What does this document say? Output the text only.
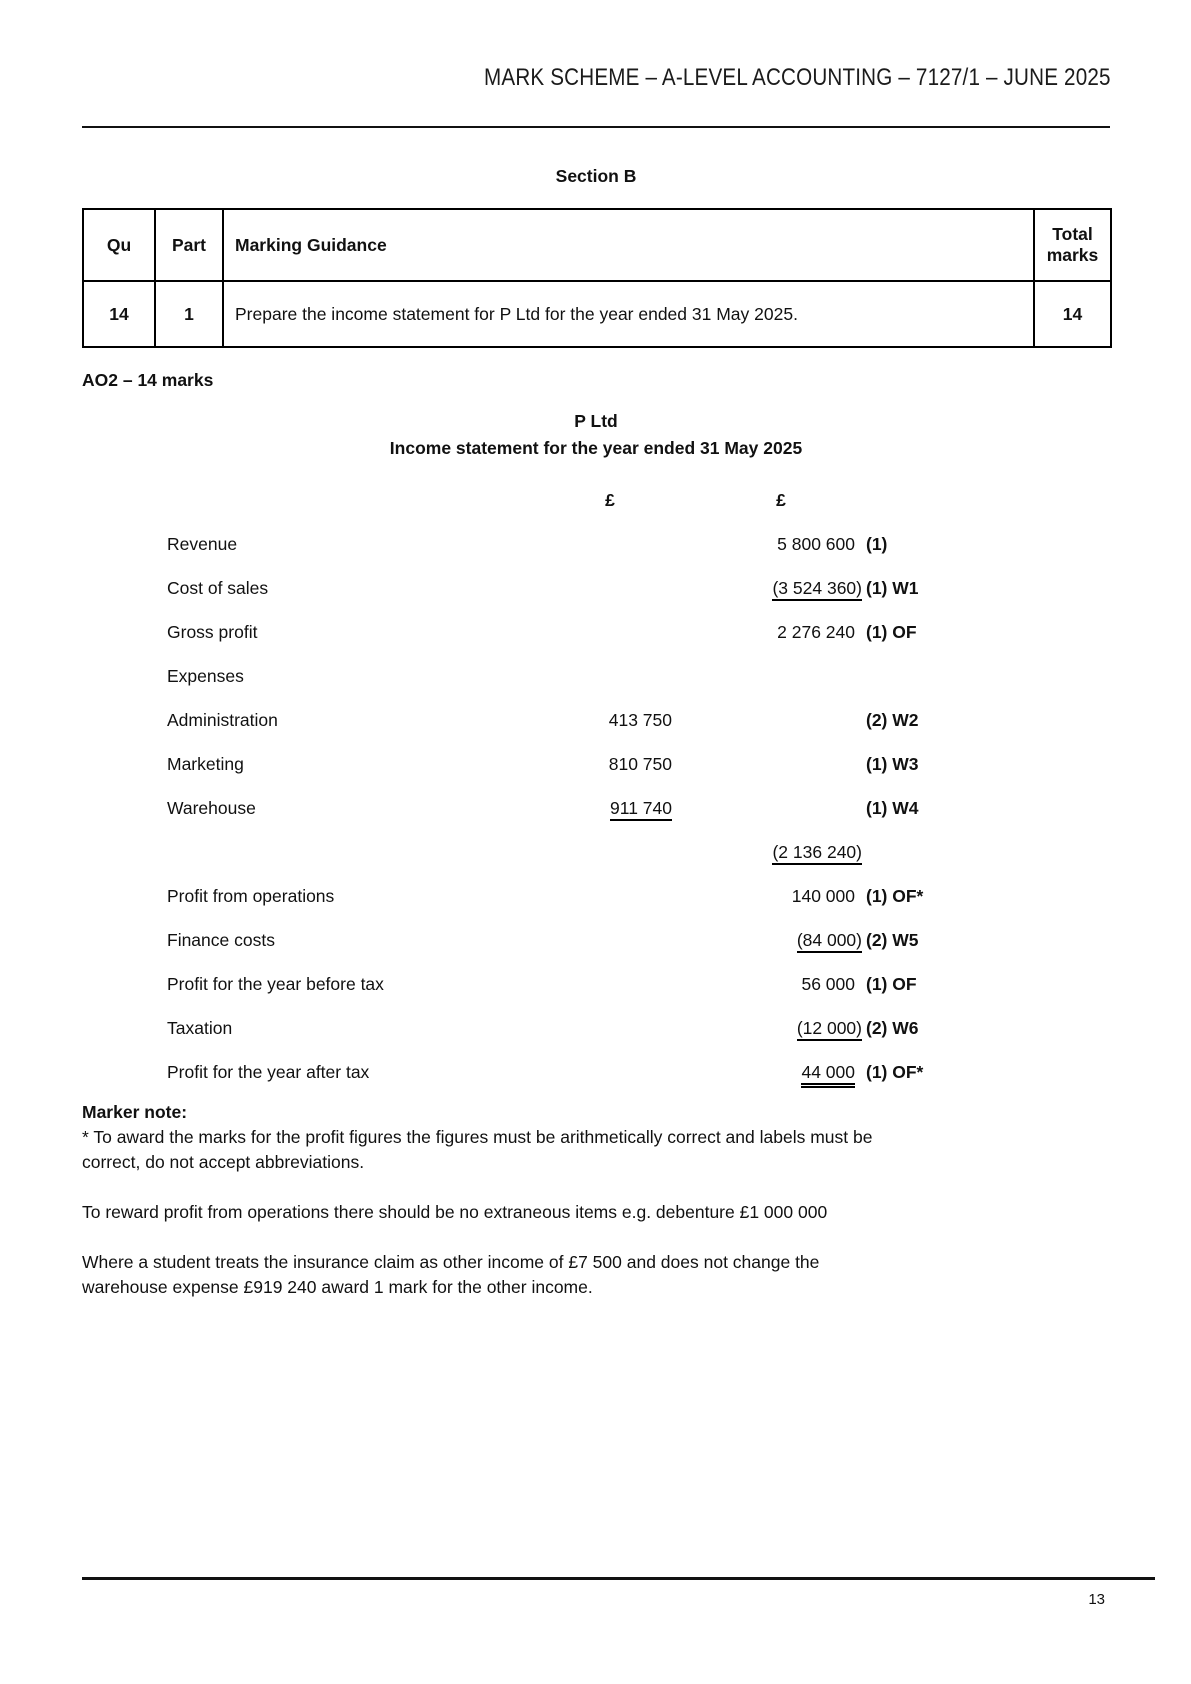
MARK SCHEME – A-LEVEL ACCOUNTING – 7127/1 – JUNE 2025
Section B
Qu	Part	Marking Guidance	Total marks
14	1	Prepare the income statement for P Ltd for the year ended 31 May 2025.	14
AO2 – 14 marks
P Ltd
Income statement for the year ended 31 May 2025
£	£
Revenue	5 800 600 (1)
Cost of sales	(3 524 360) (1) W1
Gross profit	2 276 240 (1) OF
Expenses
Administration	413 750	(2) W2
Marketing	810 750	(1) W3
Warehouse	911 740	(1) W4
(2 136 240)
Profit from operations	140 000 (1) OF*
Finance costs	(84 000) (2) W5
Profit for the year before tax	56 000 (1) OF
Taxation	(12 000) (2) W6
Profit for the year after tax	44 000 (1) OF*
Marker note:

* To award the marks for the profit figures the figures must be arithmetically correct and labels must be
correct, do not accept abbreviations.

To reward profit from operations there should be no extraneous items e.g. debenture £1 000 000

Where a student treats the insurance claim as other income of £7 500 and does not change the
warehouse expense £919 240 award 1 mark for the other income.

13
